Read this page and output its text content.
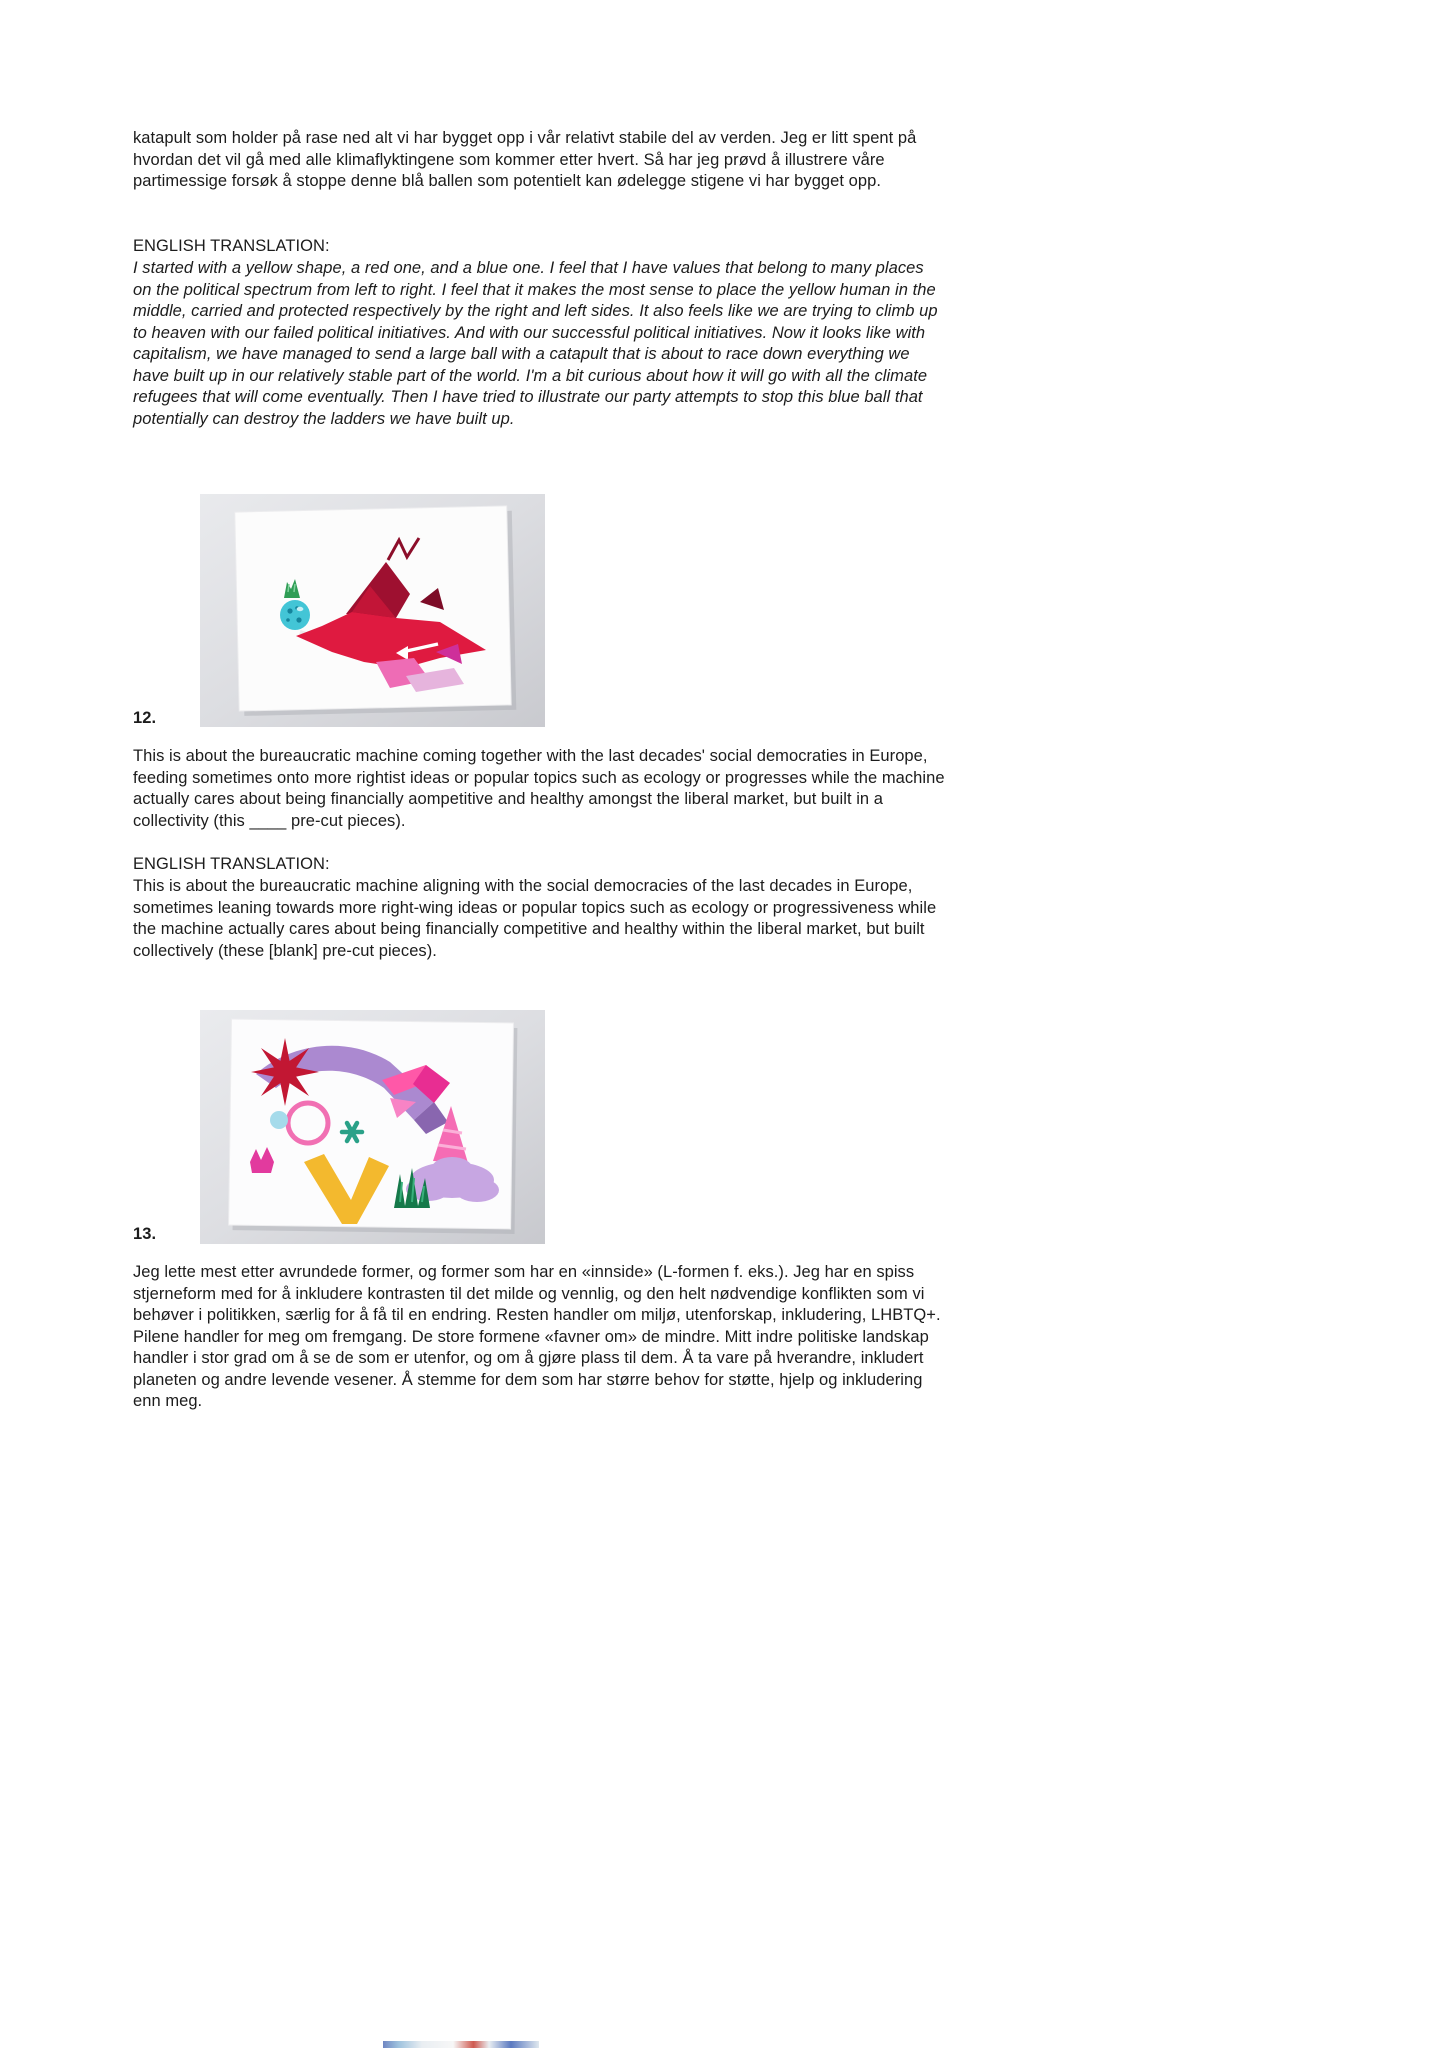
katapult som holder på rase ned alt vi har bygget opp i vår relativt stabile del av verden. Jeg er litt spent på hvordan det vil gå med alle klimaflyktingene som kommer etter hvert. Så har jeg prøvd å illustrere våre partimessige forsøk å stoppe denne blå ballen som potentielt kan ødelegge stigene vi har bygget opp.

ENGLISH TRANSLATION:

I started with a yellow shape, a red one, and a blue one. I feel that I have values that belong to many places on the political spectrum from left to right. I feel that it makes the most sense to place the yellow human in the middle, carried and protected respectively by the right and left sides. It also feels like we are trying to climb up to heaven with our failed political initiatives. And with our successful political initiatives. Now it looks like with capitalism, we have managed to send a large ball with a catapult that is about to race down everything we have built up in our relatively stable part of the world. I'm a bit curious about how it will go with all the climate refugees that will come eventually. Then I have tried to illustrate our party attempts to stop this blue ball that potentially can destroy the ladders we have built up.

12.

This is about the bureaucratic machine coming together with the last decades' social democraties in Europe, feeding sometimes onto more rightist ideas or popular topics such as ecology or progresses while the machine actually cares about being financially aompetitive and healthy amongst the liberal market, but built in a collectivity (this ____ pre-cut pieces).

ENGLISH TRANSLATION:

This is about the bureaucratic machine aligning with the social democracies of the last decades in Europe, sometimes leaning towards more right-wing ideas or popular topics such as ecology or progressiveness while the machine actually cares about being financially competitive and healthy within the liberal market, but built collectively (these [blank] pre-cut pieces).

13.

Jeg lette mest etter avrundede former, og former som har en «innside» (L-formen f. eks.). Jeg har en spiss stjerneform med for å inkludere kontrasten til det milde og vennlig, og den helt nødvendige konflikten som vi behøver i politikken, særlig for å få til en endring. Resten handler om miljø, utenforskap, inkludering, LHBTQ+. Pilene handler for meg om fremgang. De store formene «favner om» de mindre. Mitt indre politiske landskap handler i stor grad om å se de som er utenfor, og om å gjøre plass til dem. Å ta vare på hverandre, inkludert planeten og andre levende vesener. Å stemme for dem som har større behov for støtte, hjelp og inkludering enn meg.
